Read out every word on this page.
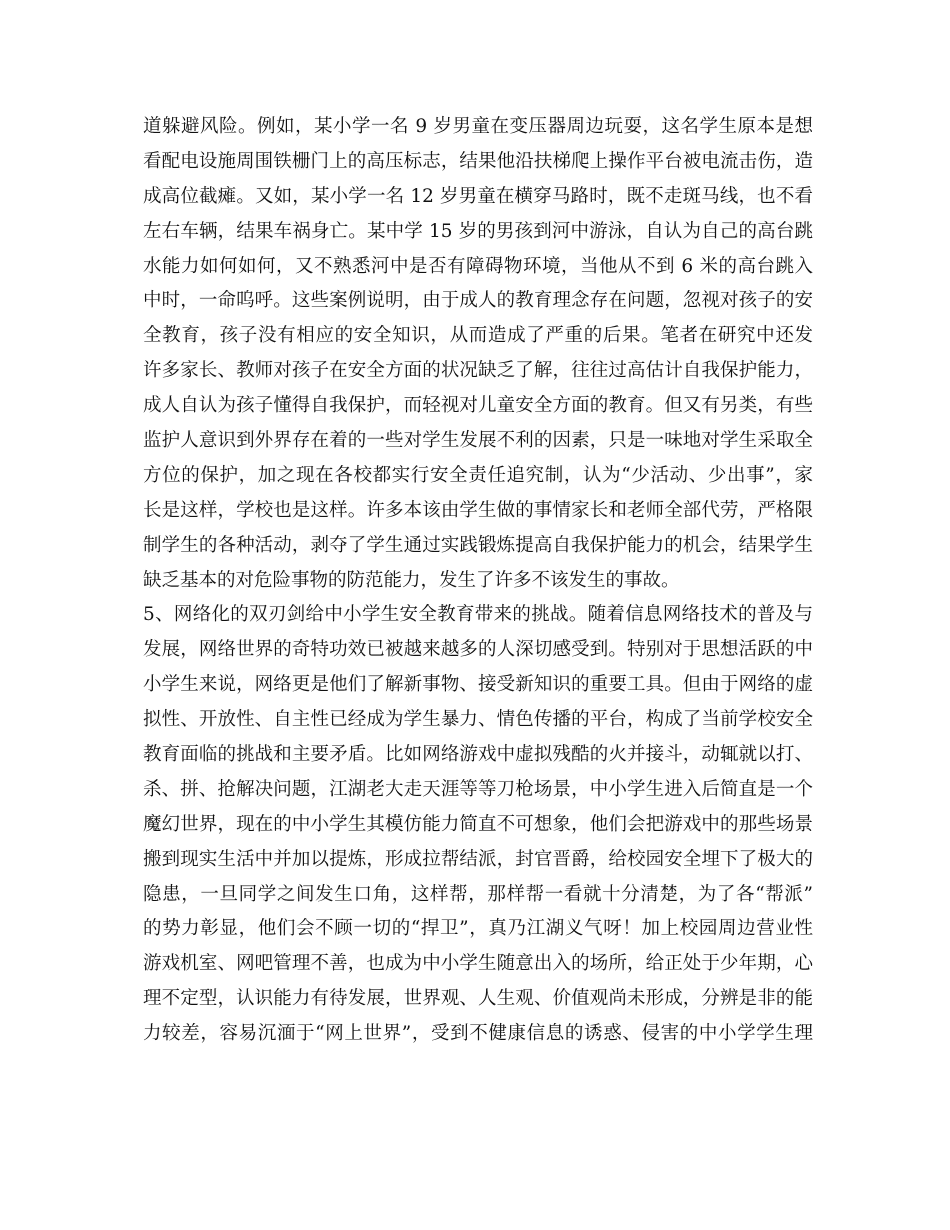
道躲避风险。例如，某小学一名 9 岁男童在变压器周边玩耍，这名学生原本是想
看配电设施周围铁栅门上的高压标志，结果他沿扶梯爬上操作平台被电流击伤，造
成高位截瘫。又如，某小学一名 12 岁男童在横穿马路时，既不走斑马线，也不看
左右车辆，结果车祸身亡。某中学 15 岁的男孩到河中游泳，自认为自己的高台跳
水能力如何如何，又不熟悉河中是否有障碍物环境，当他从不到 6 米的高台跳入
中时，一命呜呼。这些案例说明，由于成人的教育理念存在问题，忽视对孩子的安
全教育，孩子没有相应的安全知识，从而造成了严重的后果。笔者在研究中还发
许多家长、教师对孩子在安全方面的状况缺乏了解，往往过高估计自我保护能力，
成人自认为孩子懂得自我保护，而轻视对儿童安全方面的教育。但又有另类，有些
监护人意识到外界存在着的一些对学生发展不利的因素，只是一味地对学生采取全
方位的保护，加之现在各校都实行安全责任追究制，认为“少活动、少出事”，家
长是这样，学校也是这样。许多本该由学生做的事情家长和老师全部代劳，严格限
制学生的各种活动，剥夺了学生通过实践锻炼提高自我保护能力的机会，结果学生
缺乏基本的对危险事物的防范能力，发生了许多不该发生的事故。
5、网络化的双刃剑给中小学生安全教育带来的挑战。随着信息网络技术的普及与
发展，网络世界的奇特功效已被越来越多的人深切感受到。特别对于思想活跃的中
小学生来说，网络更是他们了解新事物、接受新知识的重要工具。但由于网络的虚
拟性、开放性、自主性已经成为学生暴力、情色传播的平台，构成了当前学校安全
教育面临的挑战和主要矛盾。比如网络游戏中虚拟残酷的火并接斗，动辄就以打、
杀、拼、抢解决问题，江湖老大走天涯等等刀枪场景，中小学生进入后简直是一个
魔幻世界，现在的中小学生其模仿能力简直不可想象，他们会把游戏中的那些场景
搬到现实生活中并加以提炼，形成拉帮结派，封官晋爵，给校园安全埋下了极大的
隐患，一旦同学之间发生口角，这样帮，那样帮一看就十分清楚，为了各“帮派”
的势力彰显，他们会不顾一切的“捍卫”，真乃江湖义气呀！加上校园周边营业性
游戏机室、网吧管理不善，也成为中小学生随意出入的场所，给正处于少年期，心
理不定型，认识能力有待发展，世界观、人生观、价值观尚未形成，分辨是非的能
力较差，容易沉湎于“网上世界”，受到不健康信息的诱惑、侵害的中小学学生理
